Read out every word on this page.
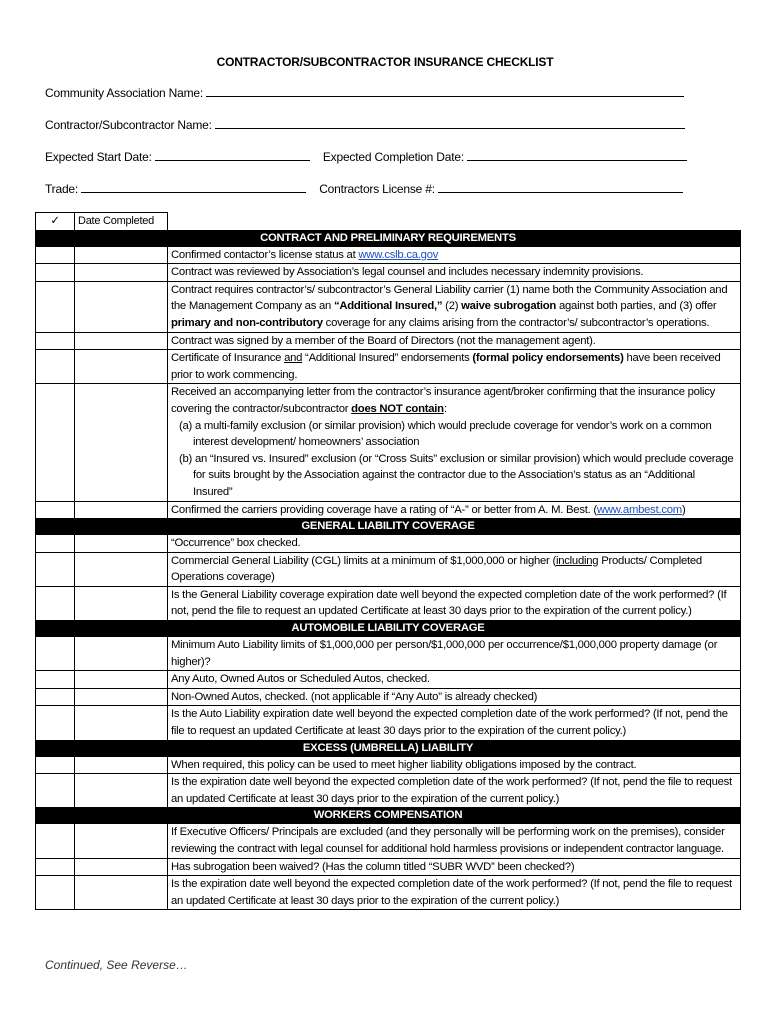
CONTRACTOR/SUBCONTRACTOR INSURANCE CHECKLIST
Community Association Name:
Contractor/Subcontractor Name:
Expected Start Date:	Expected Completion Date:
Trade:	Contractors License #:
✓	Date Completed	
CONTRACT AND PRELIMINARY REQUIREMENTS		
		Confirmed contactor’s license status at www.cslb.ca.gov
		Contract was reviewed by Association’s legal counsel and includes necessary indemnity provisions.
		Contract requires contractor’s/ subcontractor’s General Liability carrier (1) name both the Community Association and the Management Company as an “Additional Insured,” (2) waive subrogation against both parties, and (3) offer primary and non-contributory coverage for any claims arising from the contractor’s/ subcontractor’s operations.
		Contract was signed by a member of the Board of Directors (not the management agent).
		Certificate of Insurance and “Additional Insured” endorsements (formal policy endorsements) have been received prior to work commencing.

		Received an accompanying letter from the contractor’s insurance agent/broker confirming that the insurance policy covering the contractor/subcontractor does NOT contain:
(a) a multi-family exclusion (or similar provision) which would preclude coverage for vendor’s work on a common interest development/ homeowners’ association
(b) an “Insured vs. Insured” exclusion (or “Cross Suits” exclusion or similar provision) which would preclude coverage for suits brought by the Association against the contractor due to the Association’s status as an “Additional Insured”

		Confirmed the carriers providing coverage have a rating of “A-” or better from A. M. Best. (www.ambest.com)
GENERAL LIABILITY COVERAGE		
		“Occurrence” box checked.
		Commercial General Liability (CGL) limits at a minimum of $1,000,000 or higher (including Products/ Completed Operations coverage)
		Is the General Liability coverage expiration date well beyond the expected completion date of the work performed? (If not, pend the file to request an updated Certificate at least 30 days prior to the expiration of the current policy.)
AUTOMOBILE LIABILITY COVERAGE		
		Minimum Auto Liability limits of $1,000,000 per person/$1,000,000 per occurrence/$1,000,000 property damage (or higher)?
		Any Auto, Owned Autos or Scheduled Autos, checked.
		Non-Owned Autos, checked. (not applicable if “Any Auto” is already checked)
		Is the Auto Liability expiration date well beyond the expected completion date of the work performed? (If not, pend the file to request an updated Certificate at least 30 days prior to the expiration of the current policy.)
EXCESS (UMBRELLA) LIABILITY		
		When required, this policy can be used to meet higher liability obligations imposed by the contract.
		Is the expiration date well beyond the expected completion date of the work performed? (If not, pend the file to request an updated Certificate at least 30 days prior to the expiration of the current policy.)
WORKERS COMPENSATION		
		If Executive Officers/ Principals are excluded (and they personally will be performing work on the premises), consider reviewing the contract with legal counsel for additional hold harmless provisions or independent contractor language.
		Has subrogation been waived? (Has the column titled “SUBR WVD” been checked?)
		Is the expiration date well beyond the expected completion date of the work performed? (If not, pend the file to request an updated Certificate at least 30 days prior to the expiration of the current policy.)
Continued, See Reverse…
